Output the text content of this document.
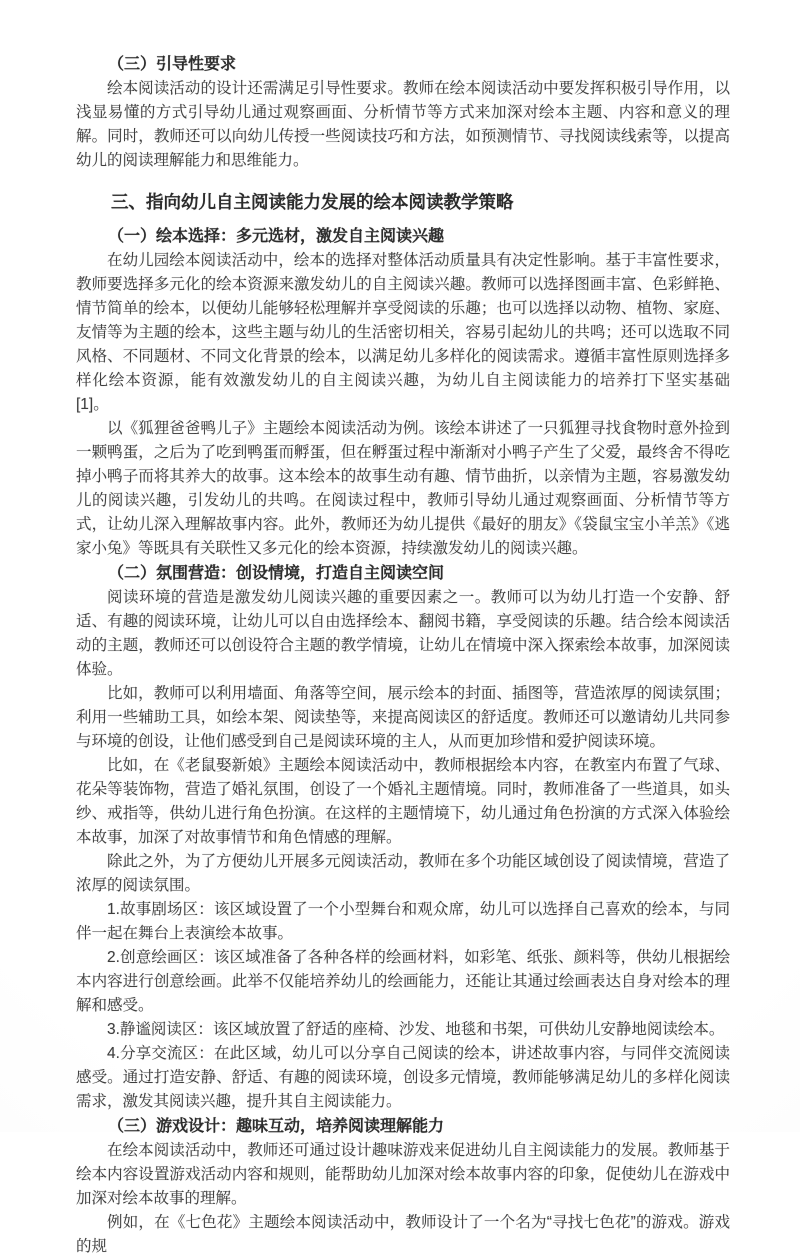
（三）引导性要求

绘本阅读活动的设计还需满足引导性要求。教师在绘本阅读活动中要发挥积极引导作用，以浅显易懂的方式引导幼儿通过观察画面、分析情节等方式来加深对绘本主题、内容和意义的理解。同时，教师还可以向幼儿传授一些阅读技巧和方法，如预测情节、寻找阅读线索等，以提高幼儿的阅读理解能力和思维能力。

三、指向幼儿自主阅读能力发展的绘本阅读教学策略
（一）绘本选择：多元选材，激发自主阅读兴趣

在幼儿园绘本阅读活动中，绘本的选择对整体活动质量具有决定性影响。基于丰富性要求，教师要选择多元化的绘本资源来激发幼儿的自主阅读兴趣。教师可以选择图画丰富、色彩鲜艳、情节简单的绘本，以便幼儿能够轻松理解并享受阅读的乐趣；也可以选择以动物、植物、家庭、友情等为主题的绘本，这些主题与幼儿的生活密切相关，容易引起幼儿的共鸣；还可以选取不同风格、不同题材、不同文化背景的绘本，以满足幼儿多样化的阅读需求。遵循丰富性原则选择多样化绘本资源，能有效激发幼儿的自主阅读兴趣，为幼儿自主阅读能力的培养打下坚实基础 [1]。

以《狐狸爸爸鸭儿子》主题绘本阅读活动为例。该绘本讲述了一只狐狸寻找食物时意外捡到一颗鸭蛋，之后为了吃到鸭蛋而孵蛋，但在孵蛋过程中渐渐对小鸭子产生了父爱，最终舍不得吃掉小鸭子而将其养大的故事。这本绘本的故事生动有趣、情节曲折，以亲情为主题，容易激发幼儿的阅读兴趣，引发幼儿的共鸣。在阅读过程中，教师引导幼儿通过观察画面、分析情节等方式，让幼儿深入理解故事内容。此外，教师还为幼儿提供《最好的朋友》《袋鼠宝宝小羊羔》《逃家小兔》等既具有关联性又多元化的绘本资源，持续激发幼儿的阅读兴趣。

（二）氛围营造：创设情境，打造自主阅读空间

阅读环境的营造是激发幼儿阅读兴趣的重要因素之一。教师可以为幼儿打造一个安静、舒适、有趣的阅读环境，让幼儿可以自由选择绘本、翻阅书籍，享受阅读的乐趣。结合绘本阅读活动的主题，教师还可以创设符合主题的教学情境，让幼儿在情境中深入探索绘本故事，加深阅读体验。

比如，教师可以利用墙面、角落等空间，展示绘本的封面、插图等，营造浓厚的阅读氛围；利用一些辅助工具，如绘本架、阅读垫等，来提高阅读区的舒适度。教师还可以邀请幼儿共同参与环境的创设，让他们感受到自己是阅读环境的主人，从而更加珍惜和爱护阅读环境。

比如，在《老鼠娶新娘》主题绘本阅读活动中，教师根据绘本内容，在教室内布置了气球、花朵等装饰物，营造了婚礼氛围，创设了一个婚礼主题情境。同时，教师准备了一些道具，如头纱、戒指等，供幼儿进行角色扮演。在这样的主题情境下，幼儿通过角色扮演的方式深入体验绘本故事，加深了对故事情节和角色情感的理解。

除此之外，为了方便幼儿开展多元阅读活动，教师在多个功能区域创设了阅读情境，营造了浓厚的阅读氛围。

1.故事剧场区：该区域设置了一个小型舞台和观众席，幼儿可以选择自己喜欢的绘本，与同伴一起在舞台上表演绘本故事。

2.创意绘画区：该区域准备了各种各样的绘画材料，如彩笔、纸张、颜料等，供幼儿根据绘本内容进行创意绘画。此举不仅能培养幼儿的绘画能力，还能让其通过绘画表达自身对绘本的理解和感受。

3.静谧阅读区：该区域放置了舒适的座椅、沙发、地毯和书架，可供幼儿安静地阅读绘本。

4.分享交流区：在此区域，幼儿可以分享自己阅读的绘本，讲述故事内容，与同伴交流阅读感受。通过打造安静、舒适、有趣的阅读环境，创设多元情境，教师能够满足幼儿的多样化阅读需求，激发其阅读兴趣，提升其自主阅读能力。

（三）游戏设计：趣味互动，培养阅读理解能力

在绘本阅读活动中，教师还可通过设计趣味游戏来促进幼儿自主阅读能力的发展。教师基于绘本内容设置游戏活动内容和规则，能帮助幼儿加深对绘本故事内容的印象，促使幼儿在游戏中加深对绘本故事的理解。

例如，在《七色花》主题绘本阅读活动中，教师设计了一个名为“寻找七色花”的游戏。游戏的规
